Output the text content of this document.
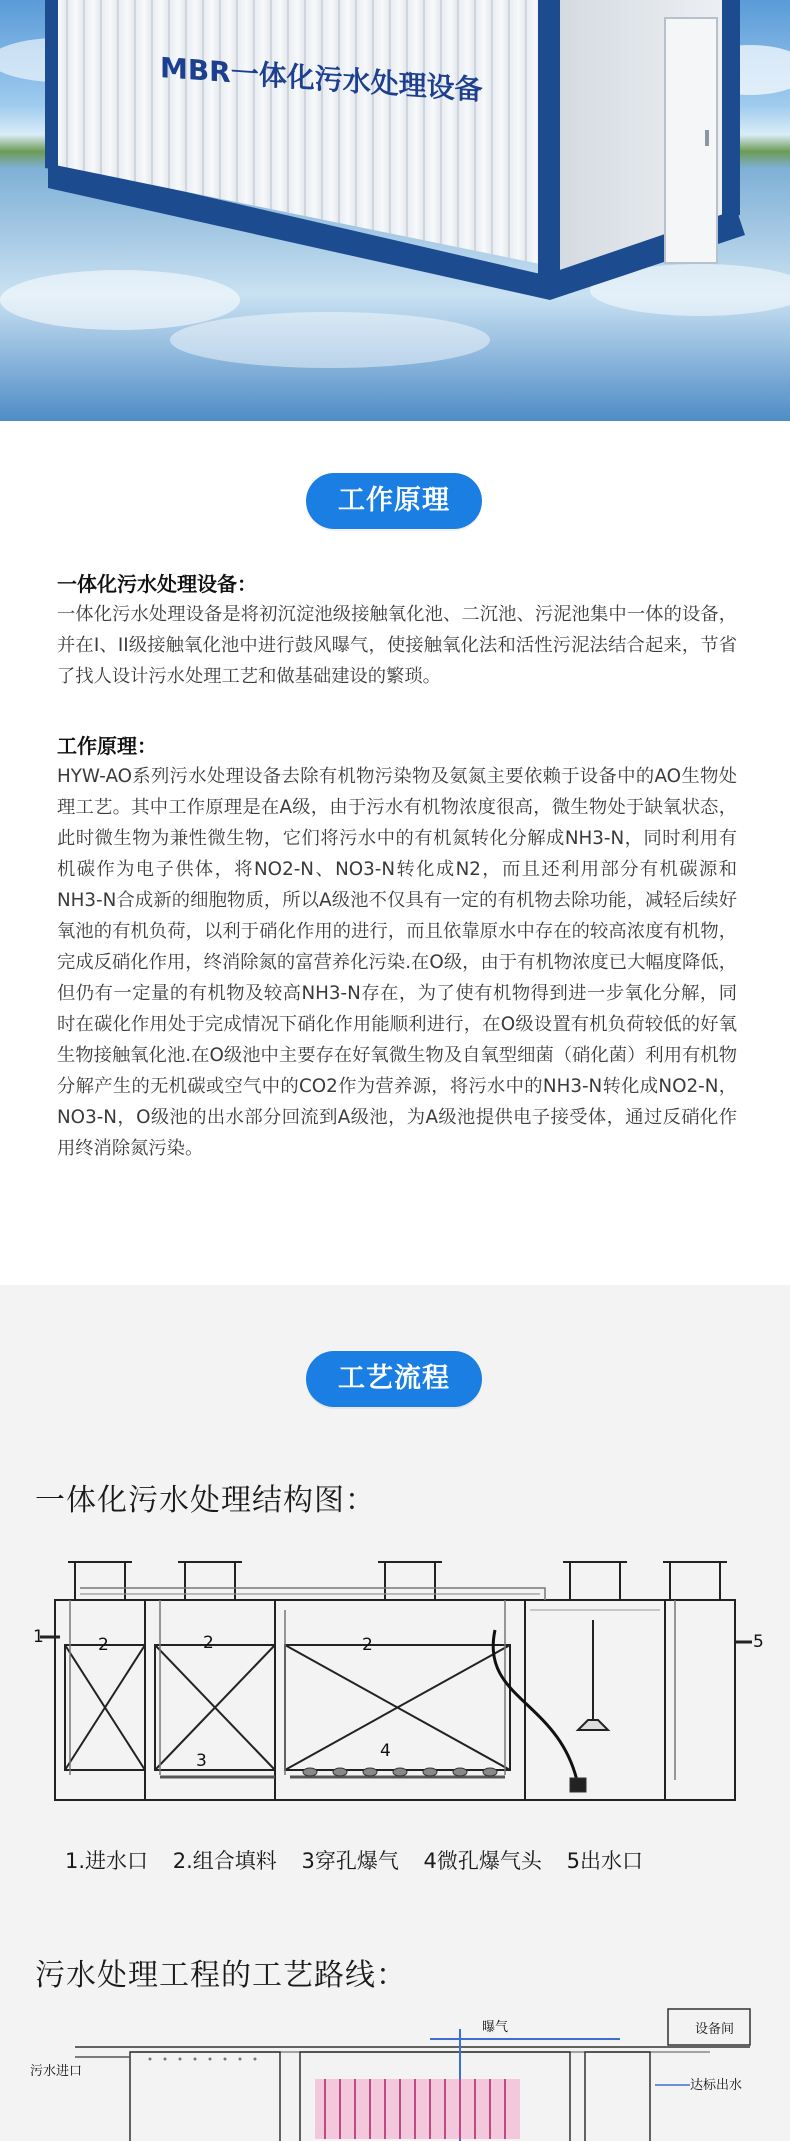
MBR一体化污水处理设备
工作原理
一体化污水处理设备：

一体化污水处理设备是将初沉淀池级接触氧化池、二沉池、污泥池集中一体的设备，并在I、II级接触氧化池中进行鼓风曝气，使接触氧化法和活性污泥法结合起来，节省了找人设计污水处理工艺和做基础建设的繁琐。

工作原理：

HYW-AO系列污水处理设备去除有机物污染物及氨氮主要依赖于设备中的AO生物处理工艺。其中工作原理是在A级，由于污水有机物浓度很高，微生物处于缺氧状态，此时微生物为兼性微生物，它们将污水中的有机氮转化分解成NH3-N，同时利用有机碳作为电子供体，将NO2-N、NO3-N转化成N2，而且还利用部分有机碳源和NH3-N合成新的细胞物质，所以A级池不仅具有一定的有机物去除功能，减轻后续好氧池的有机负荷，以利于硝化作用的进行，而且依靠原水中存在的较高浓度有机物，完成反硝化作用，终消除氮的富营养化污染.在O级，由于有机物浓度已大幅度降低，但仍有一定量的有机物及较高NH3-N存在，为了使有机物得到进一步氧化分解，同时在碳化作用处于完成情况下硝化作用能顺利进行，在O级设置有机负荷较低的好氧生物接触氧化池.在O级池中主要存在好氧微生物及自氧型细菌（硝化菌）利用有机物分解产生的无机碳或空气中的CO2作为营养源，将污水中的NH3-N转化成NO2-N，NO3-N，O级池的出水部分回流到A级池，为A级池提供电子接受体，通过反硝化作用终消除氮污染。

工艺流程
一体化污水处理结构图：
1	2	2	2
3	4
5
1.进水口 2.组合填料 3穿孔爆气 4微孔爆气头 5出水口
污水处理工程的工艺路线：
设备间
曝气
污水进口
达标出水
